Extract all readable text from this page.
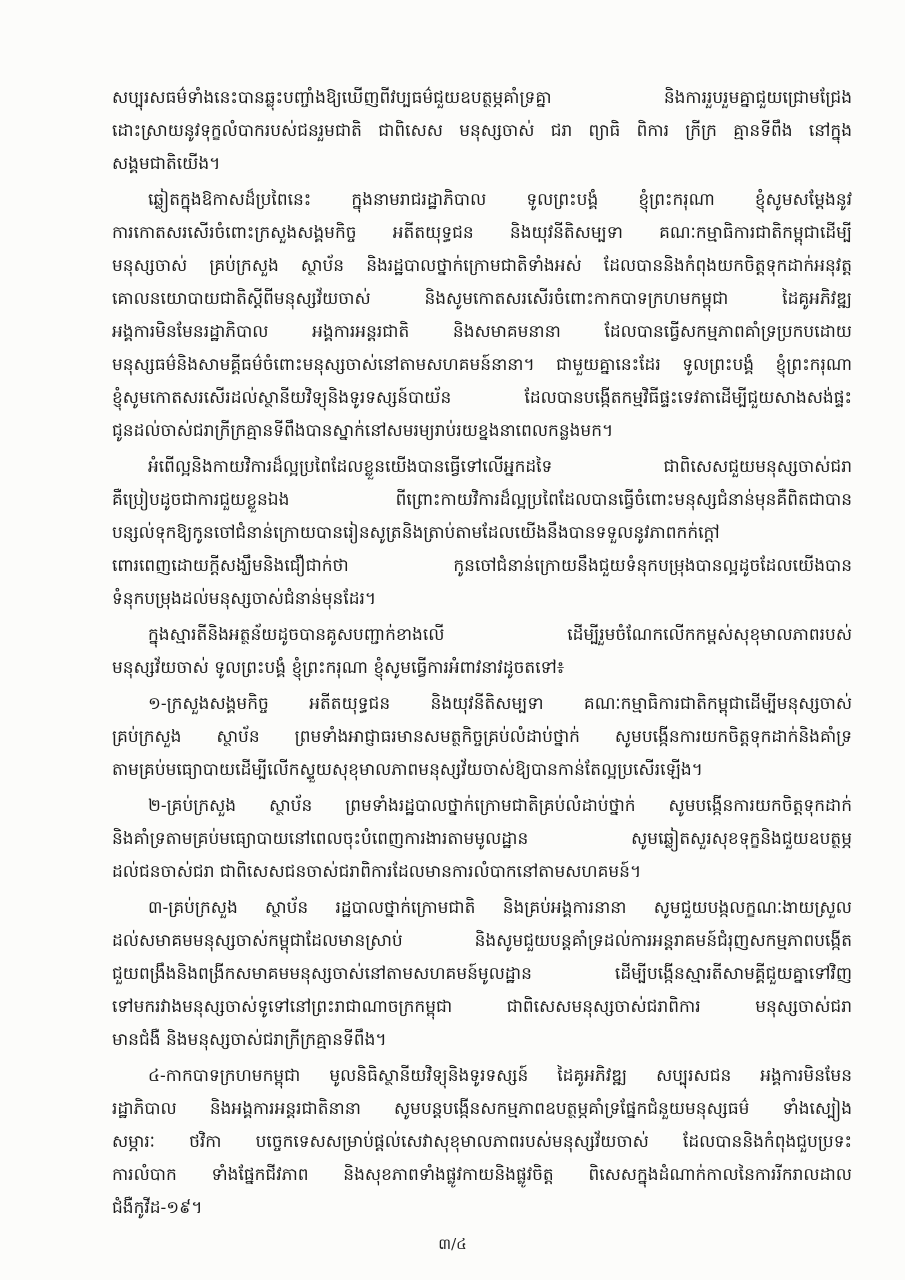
សប្បុរសធម៌ទាំងនេះបានឆ្លុះបញ្ចាំងឱ្យឃើញពីវប្បធម៌ជួយឧបត្ថម្ភគាំទ្រគ្នា និងការរួបរួមគ្នាជួយជ្រោមជ្រែង
ដោះស្រាយនូវទុក្ខលំបាករបស់ជនរួមជាតិ ជាពិសេស មនុស្សចាស់ ជរា ព្យាធិ ពិការ ក្រីក្រ គ្មានទីពឹង នៅក្នុង
សង្គមជាតិយើង។
ឆ្លៀតក្នុងឱកាសដ៏ប្រពៃនេះ ក្នុងនាមរាជរដ្ឋាភិបាល ទូលព្រះបង្គំ ខ្ញុំព្រះករុណា ខ្ញុំសូមសម្តែងនូវ
ការកោតសរសើរចំពោះក្រសួងសង្គមកិច្ច អតីតយុទ្ធជន និងយុវនីតិសម្បទា គណៈកម្មាធិការជាតិកម្ពុជាដើម្បី
មនុស្សចាស់ គ្រប់ក្រសួង ស្ថាប័ន និងរដ្ឋបាលថ្នាក់ក្រោមជាតិទាំងអស់ ដែលបាននិងកំពុងយកចិត្តទុកដាក់អនុវត្ត
គោលនយោបាយជាតិស្តីពីមនុស្សវ័យចាស់ និងសូមកោតសរសើរចំពោះកាកបាទក្រហមកម្ពុជា ដៃគូអភិវឌ្ឍ
អង្គការមិនមែនរដ្ឋាភិបាល អង្គការអន្តរជាតិ និងសមាគមនានា ដែលបានធ្វើសកម្មភាពគាំទ្រប្រកបដោយ
មនុស្សធម៌និងសាមគ្គីធម៌ចំពោះមនុស្សចាស់នៅតាមសហគមន៍នានា។ ជាមួយគ្នានេះដែរ ទូលព្រះបង្គំ ខ្ញុំព្រះករុណា
ខ្ញុំសូមកោតសរសើរដល់ស្ថានីយវិទ្យុនិងទូរទស្សន៍បាយ័ន ដែលបានបង្កើតកម្មវិធីផ្ទះទេវតាដើម្បីជួយសាងសង់ផ្ទះ
ជូនដល់ចាស់ជរាក្រីក្រគ្មានទីពឹងបានស្នាក់នៅសមរម្យរាប់រយខ្នងនាពេលកន្លងមក។
អំពើល្អនិងកាយវិការដ៏ល្អប្រពៃដែលខ្លួនយើងបានធ្វើទៅលើអ្នកដទៃ ជាពិសេសជួយមនុស្សចាស់ជរា
គឺប្រៀបដូចជាការជួយខ្លួនឯង ពីព្រោះកាយវិការដ៏ល្អប្រពៃដែលបានធ្វើចំពោះមនុស្សជំនាន់មុនគឺពិតជាបាន
បន្សល់ទុកឱ្យកូនចៅជំនាន់ក្រោយបានរៀនសូត្រនិងត្រាប់តាមដែលយើងនឹងបានទទួលនូវភាពកក់ក្តៅ
ពោរពេញដោយក្តីសង្ឃឹមនិងជឿជាក់ថា កូនចៅជំនាន់ក្រោយនឹងជួយទំនុកបម្រុងបានល្អដូចដែលយើងបាន
ទំនុកបម្រុងដល់មនុស្សចាស់ជំនាន់មុនដែរ។
ក្នុងស្មារតីនិងអត្ថន័យដូចបានគូសបញ្ជាក់ខាងលើ ដើម្បីរួមចំណែកលើកកម្ពស់សុខុមាលភាពរបស់
មនុស្សវ័យចាស់ ទូលព្រះបង្គំ ខ្ញុំព្រះករុណា ខ្ញុំសូមធ្វើការអំពាវនាវដូចតទៅ៖
១-ក្រសួងសង្គមកិច្ច អតីតយុទ្ធជន និងយុវនីតិសម្បទា គណៈកម្មាធិការជាតិកម្ពុជាដើម្បីមនុស្សចាស់
គ្រប់ក្រសួង ស្ថាប័ន ព្រមទាំងអាជ្ញាធរមានសមត្ថកិច្ចគ្រប់លំដាប់ថ្នាក់ សូមបង្កើនការយកចិត្តទុកដាក់និងគាំទ្រ
តាមគ្រប់មធ្យោបាយដើម្បីលើកស្ទួយសុខុមាលភាពមនុស្សវ័យចាស់ឱ្យបានកាន់តែល្អប្រសើរឡើង។
២-គ្រប់ក្រសួង ស្ថាប័ន ព្រមទាំងរដ្ឋបាលថ្នាក់ក្រោមជាតិគ្រប់លំដាប់ថ្នាក់ សូមបង្កើនការយកចិត្តទុកដាក់
និងគាំទ្រតាមគ្រប់មធ្យោបាយនៅពេលចុះបំពេញការងារតាមមូលដ្ឋាន សូមឆ្លៀតសួរសុខទុក្ខនិងជួយឧបត្ថម្ភ
ដល់ជនចាស់ជរា ជាពិសេសជនចាស់ជរាពិការដែលមានការលំបាកនៅតាមសហគមន៍។
៣-គ្រប់ក្រសួង ស្ថាប័ន រដ្ឋបាលថ្នាក់ក្រោមជាតិ និងគ្រប់អង្គការនានា សូមជួយបង្កលក្ខណៈងាយស្រួល
ដល់សមាគមមនុស្សចាស់កម្ពុជាដែលមានស្រាប់ និងសូមជួយបន្តគាំទ្រដល់ការអន្តរាគមន៍ជំរុញសកម្មភាពបង្កើត
ជួយពង្រឹងនិងពង្រីកសមាគមមនុស្សចាស់នៅតាមសហគមន៍មូលដ្ឋាន ដើម្បីបង្កើនស្មារតីសាមគ្គីជួយគ្នាទៅវិញ
ទៅមករវាងមនុស្សចាស់ទូទៅនៅព្រះរាជាណាចក្រកម្ពុជា ជាពិសេសមនុស្សចាស់ជរាពិការ មនុស្សចាស់ជរា
មានជំងឺ និងមនុស្សចាស់ជរាក្រីក្រគ្មានទីពឹង។
៤-កាកបាទក្រហមកម្ពុជា មូលនិធិស្ថានីយវិទ្យុនិងទូរទស្សន៍ ដៃគូអភិវឌ្ឍ សប្បុរសជន អង្គការមិនមែន
រដ្ឋាភិបាល និងអង្គការអន្តរជាតិនានា សូមបន្តបង្កើនសកម្មភាពឧបត្ថម្ភគាំទ្រផ្នែកជំនួយមនុស្សធម៌ ទាំងស្បៀង
សម្ភារៈ ថវិកា បច្ចេកទេសសម្រាប់ផ្តល់សេវាសុខុមាលភាពរបស់មនុស្សវ័យចាស់ ដែលបាននិងកំពុងជួបប្រទះ
ការលំបាក ទាំងផ្នែកជីវភាព និងសុខភាពទាំងផ្លូវកាយនិងផ្លូវចិត្ត ពិសេសក្នុងដំណាក់កាលនៃការរីករាលដាល
ជំងឺកូវីដ-១៩។
៣/៤
